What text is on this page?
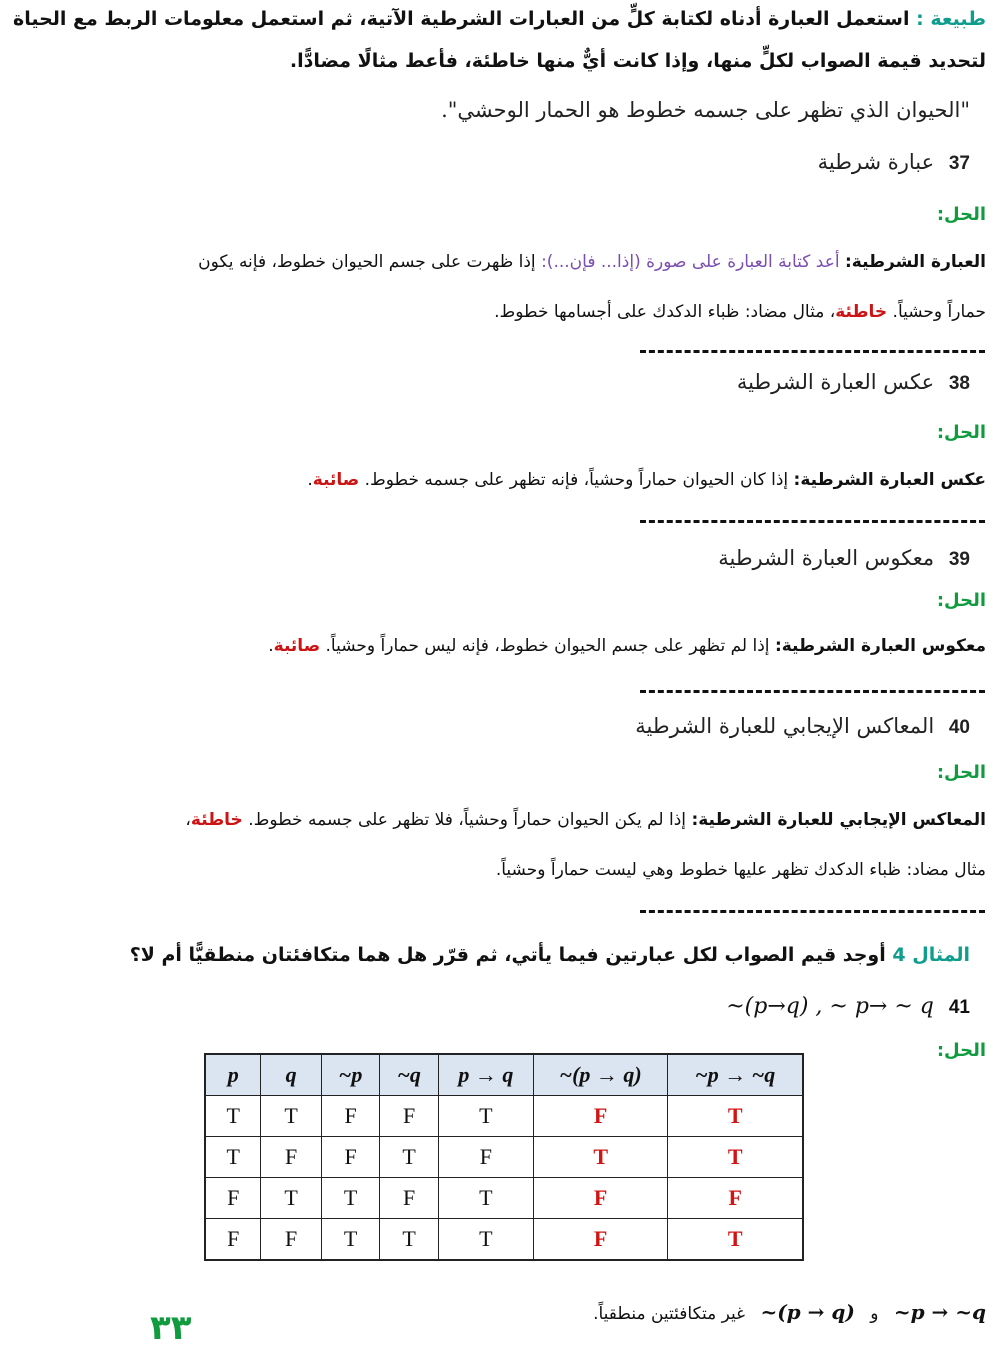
طبيعة : استعمل العبارة أدناه لكتابة كلٍّ من العبارات الشرطية الآتية، ثم استعمل معلومات الربط مع الحياة
لتحديد قيمة الصواب لكلٍّ منها، وإذا كانت أيٌّ منها خاطئة، فأعط مثالًا مضادًّا.
"الحيوان الذي تظهر على جسمه خطوط هو الحمار الوحشي".
37 عبارة شرطية
الحل:
العبارة الشرطية: أعد كتابة العبارة على صورة (إذا... فإن...): إذا ظهرت على جسم الحيوان خطوط، فإنه يكون
حماراً وحشياً. خاطئة، مثال مضاد: ظباء الدكدك على أجسامها خطوط.
38 عكس العبارة الشرطية
الحل:
عكس العبارة الشرطية: إذا كان الحيوان حماراً وحشياً، فإنه تظهر على جسمه خطوط. صائبة.
39 معكوس العبارة الشرطية
الحل:
معكوس العبارة الشرطية: إذا لم تظهر على جسم الحيوان خطوط، فإنه ليس حماراً وحشياً. صائبة.
40 المعاكس الإيجابي للعبارة الشرطية
الحل:
المعاكس الإيجابي للعبارة الشرطية: إذا لم يكن الحيوان حماراً وحشياً، فلا تظهر على جسمه خطوط. خاطئة،
مثال مضاد: ظباء الدكدك تظهر عليها خطوط وهي ليست حماراً وحشياً.
المثال 4 أوجد قيم الصواب لكل عبارتين فيما يأتي، ثم قرّر هل هما متكافئتان منطقيًّا أم لا؟
41 ~(p→q) , ~ p→ ~ q
الحل:
p	q	~p	~q	p → q	~(p → q)	~p → ~q
T	T	F	F	T	F	T
T	F	F	T	F	T	T
F	T	T	F	T	F	F
F	F	T	T	T	F	T
~p → ~q و ~(p → q) غير متكافئتين منطقياً.
٣٣
